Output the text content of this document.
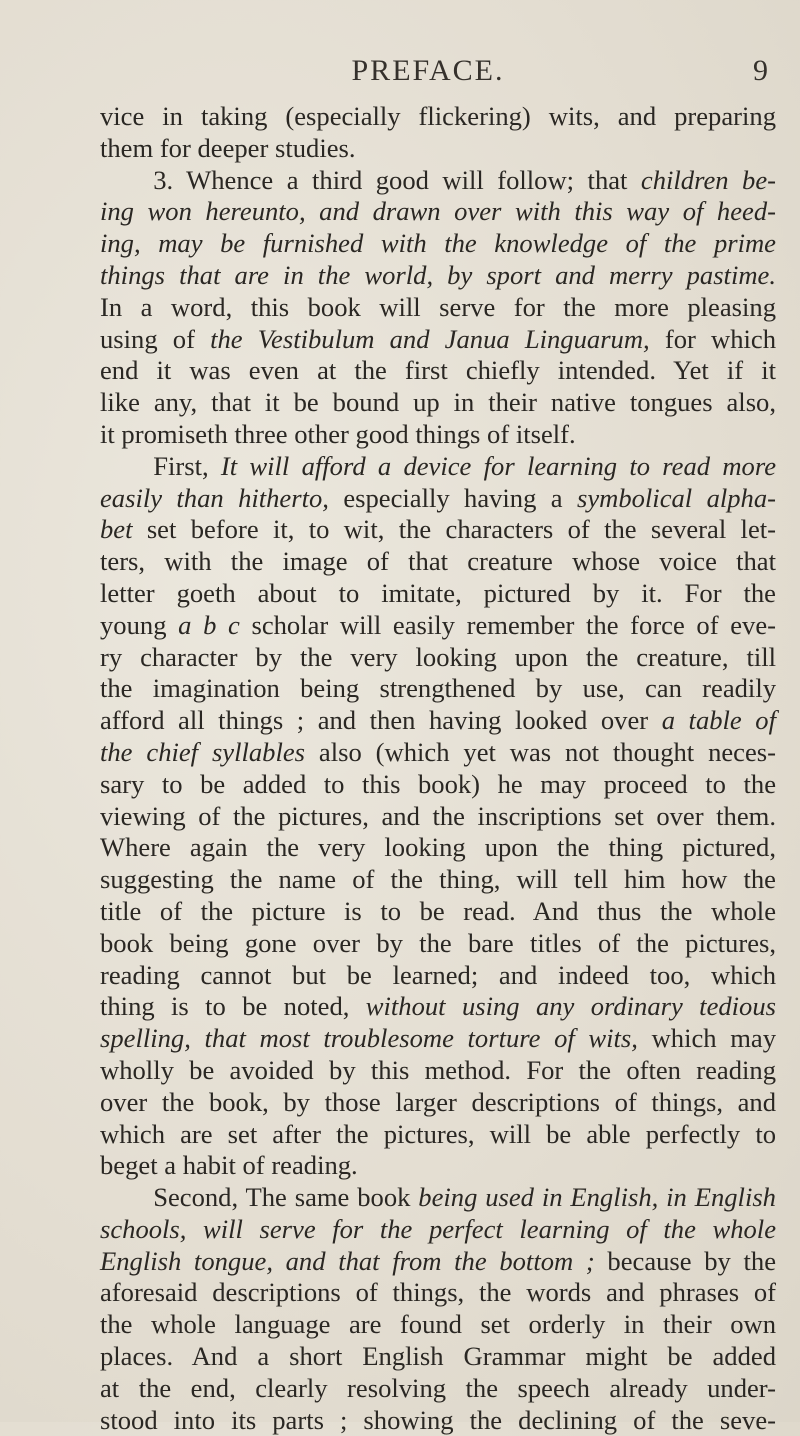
PREFACE.	9
vice in taking (especially flickering) wits, and preparing
them for deeper studies.
  3. Whence a third good will follow; that children be-
ing won hereunto, and drawn over with this way of heed-
ing, may be furnished with the knowledge of the prime
things that are in the world, by sport and merry pastime.
In a word, this book will serve for the more pleasing
using of the Vestibulum and Janua Linguarum, for which
end it was even at the first chiefly intended. Yet if it
like any, that it be bound up in their native tongues also,
it promiseth three other good things of itself.
  First, It will afford a device for learning to read more
easily than hitherto, especially having a symbolical alpha-
bet set before it, to wit, the characters of the several let-
ters, with the image of that creature whose voice that
letter goeth about to imitate, pictured by it. For the
young a b c scholar will easily remember the force of eve-
ry character by the very looking upon the creature, till
the imagination being strengthened by use, can readily
afford all things ; and then having looked over a table of
the chief syllables also (which yet was not thought neces-
sary to be added to this book) he may proceed to the
viewing of the pictures, and the inscriptions set over them.
Where again the very looking upon the thing pictured,
suggesting the name of the thing, will tell him how the
title of the picture is to be read. And thus the whole
book being gone over by the bare titles of the pictures,
reading cannot but be learned; and indeed too, which
thing is to be noted, without using any ordinary tedious
spelling, that most troublesome torture of wits, which may
wholly be avoided by this method. For the often reading
over the book, by those larger descriptions of things, and
which are set after the pictures, will be able perfectly to
beget a habit of reading.
  Second, The same book being used in English, in English
schools, will serve for the perfect learning of the whole
English tongue, and that from the bottom ; because by the
aforesaid descriptions of things, the words and phrases of
the whole language are found set orderly in their own
places. And a short English Grammar might be added
at the end, clearly resolving the speech already under-
stood into its parts ; showing the declining of the seve-
